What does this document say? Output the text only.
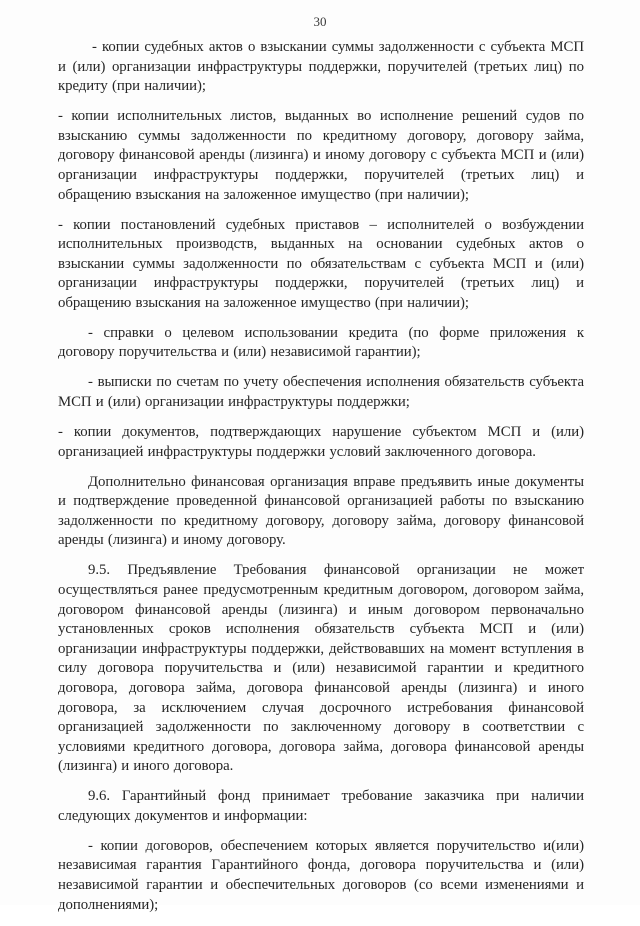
30

- копии судебных актов о взыскании суммы задолженности с субъекта МСП и (или) организации инфраструктуры поддержки, поручителей (третьих лиц) по кредиту (при наличии);

- копии исполнительных листов, выданных во исполнение решений судов по взысканию суммы задолженности по кредитному договору, договору займа, договору финансовой аренды (лизинга) и иному договору с субъекта МСП и (или) организации инфраструктуры поддержки, поручителей (третьих лиц) и обращению взыскания на заложенное имущество (при наличии);

- копии постановлений судебных приставов – исполнителей о возбуждении исполнительных производств, выданных на основании судебных актов о взыскании суммы задолженности по обязательствам с субъекта МСП и (или) организации инфраструктуры поддержки, поручителей (третьих лиц) и обращению взыскания на заложенное имущество (при наличии);

- справки о целевом использовании кредита (по форме приложения к договору поручительства и (или) независимой гарантии);

- выписки по счетам по учету обеспечения исполнения обязательств субъекта МСП и (или) организации инфраструктуры поддержки;

- копии документов, подтверждающих нарушение субъектом МСП и (или) организацией инфраструктуры поддержки условий заключенного договора.

Дополнительно финансовая организация вправе предъявить иные документы и подтверждение проведенной финансовой организацией работы по взысканию задолженности по кредитному договору, договору займа, договору финансовой аренды (лизинга) и иному договору.

9.5. Предъявление Требования финансовой организации не может осуществляться ранее предусмотренным кредитным договором, договором займа, договором финансовой аренды (лизинга) и иным договором первоначально установленных сроков исполнения обязательств субъекта МСП и (или) организации инфраструктуры поддержки, действовавших на момент вступления в силу договора поручительства и (или) независимой гарантии и кредитного договора, договора займа, договора финансовой аренды (лизинга) и иного договора, за исключением случая досрочного истребования финансовой организацией задолженности по заключенному договору в соответствии с условиями кредитного договора, договора займа, договора финансовой аренды (лизинга) и иного договора.

9.6. Гарантийный фонд принимает требование заказчика при наличии следующих документов и информации:

- копии договоров, обеспечением которых является поручительство и(или) независимая гарантия Гарантийного фонда, договора поручительства и (или) независимой гарантии и обеспечительных договоров (со всеми изменениями и дополнениями);
